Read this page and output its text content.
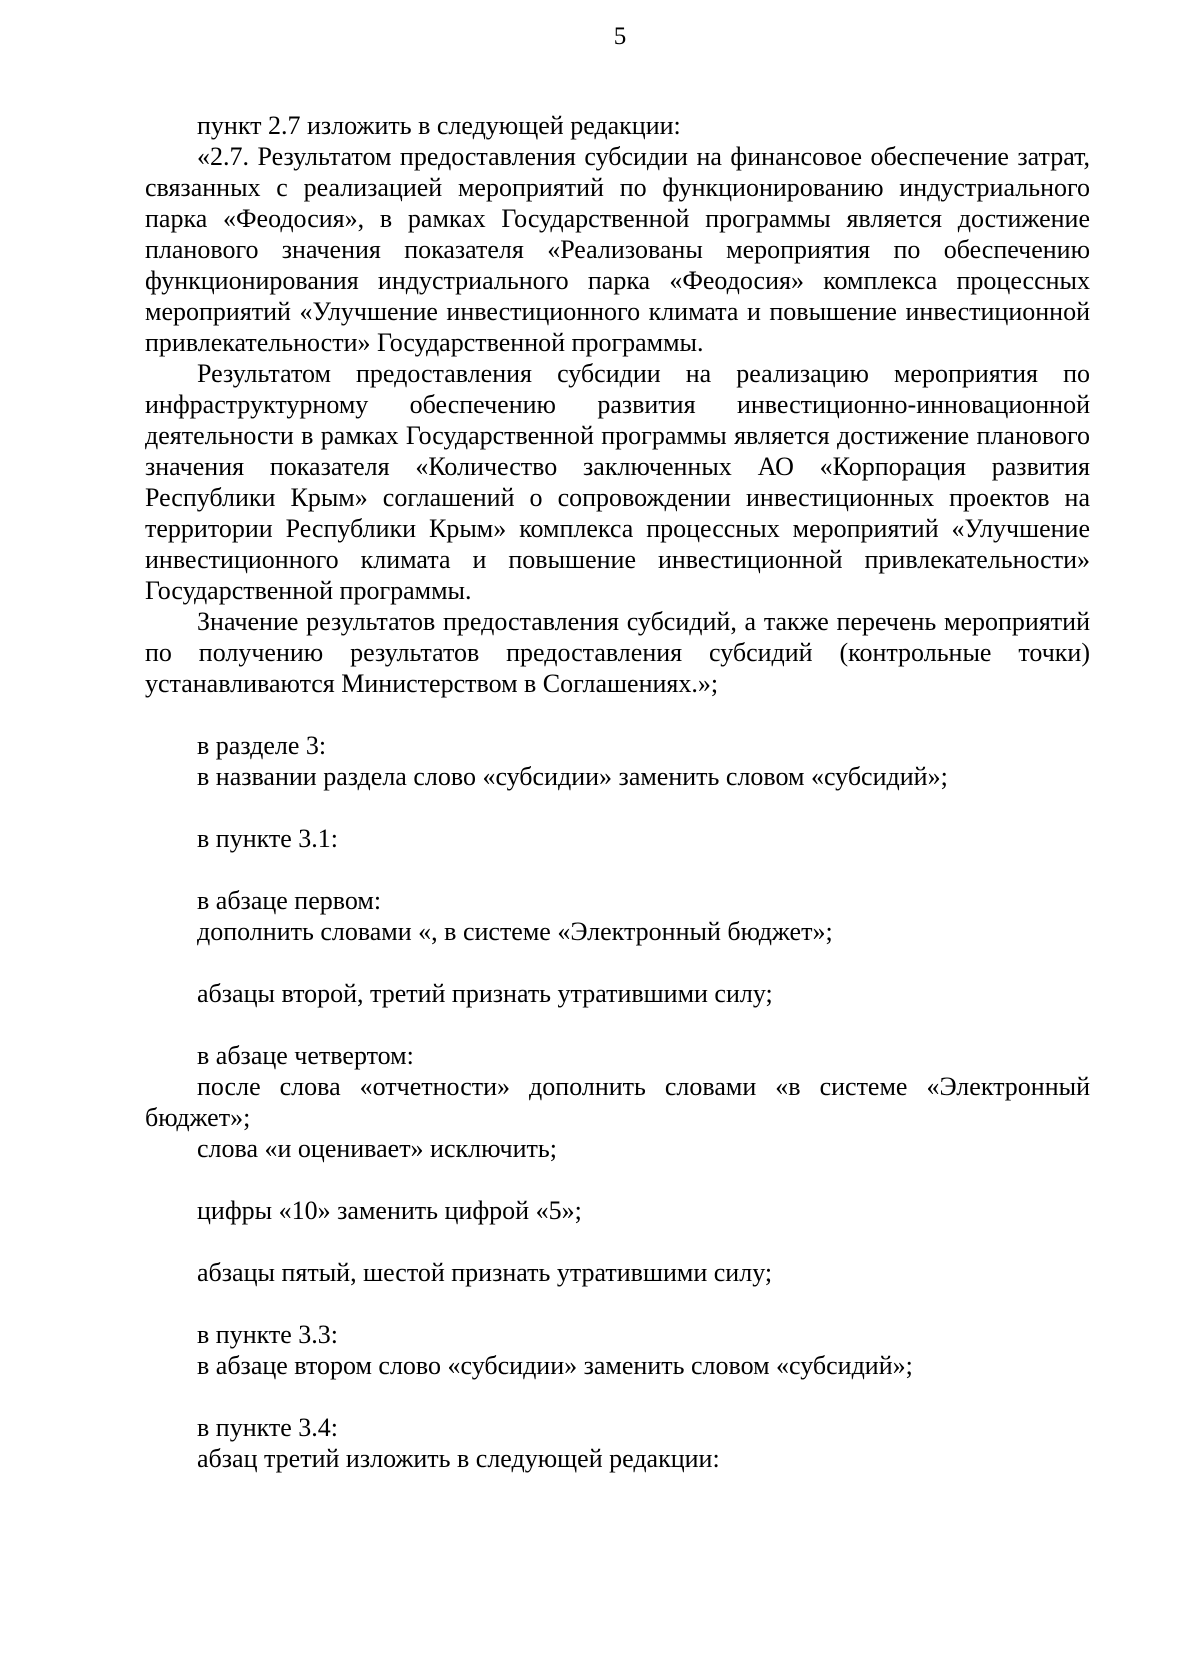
5

пункт 2.7 изложить в следующей редакции:

«2.7. Результатом предоставления субсидии на финансовое обеспечение затрат, связанных с реализацией мероприятий по функционированию индустриального парка «Феодосия», в рамках Государственной программы является достижение планового значения показателя «Реализованы мероприятия по обеспечению функционирования индустриального парка «Феодосия» комплекса процессных мероприятий «Улучшение инвестиционного климата и повышение инвестиционной привлекательности» Государственной программы.

Результатом предоставления субсидии на реализацию мероприятия по инфраструктурному обеспечению развития инвестиционно-инновационной деятельности в рамках Государственной программы является достижение планового значения показателя «Количество заключенных АО «Корпорация развития Республики Крым» соглашений о сопровождении инвестиционных проектов на территории Республики Крым» комплекса процессных мероприятий «Улучшение инвестиционного климата и повышение инвестиционной привлекательности» Государственной программы.

Значение результатов предоставления субсидий, а также перечень мероприятий по получению результатов предоставления субсидий (контрольные точки) устанавливаются Министерством в Соглашениях.»;

в разделе 3:

в названии раздела слово «субсидии» заменить словом «субсидий»;

в пункте 3.1:

в абзаце первом:

дополнить словами «, в системе «Электронный бюджет»;

абзацы второй, третий признать утратившими силу;

в абзаце четвертом:

после слова «отчетности» дополнить словами «в системе «Электронный бюджет»;

слова «и оценивает» исключить;

цифры «10» заменить цифрой «5»;

абзацы пятый, шестой признать утратившими силу;

в пункте 3.3:

в абзаце втором слово «субсидии» заменить словом «субсидий»;

в пункте 3.4:

абзац третий изложить в следующей редакции:
